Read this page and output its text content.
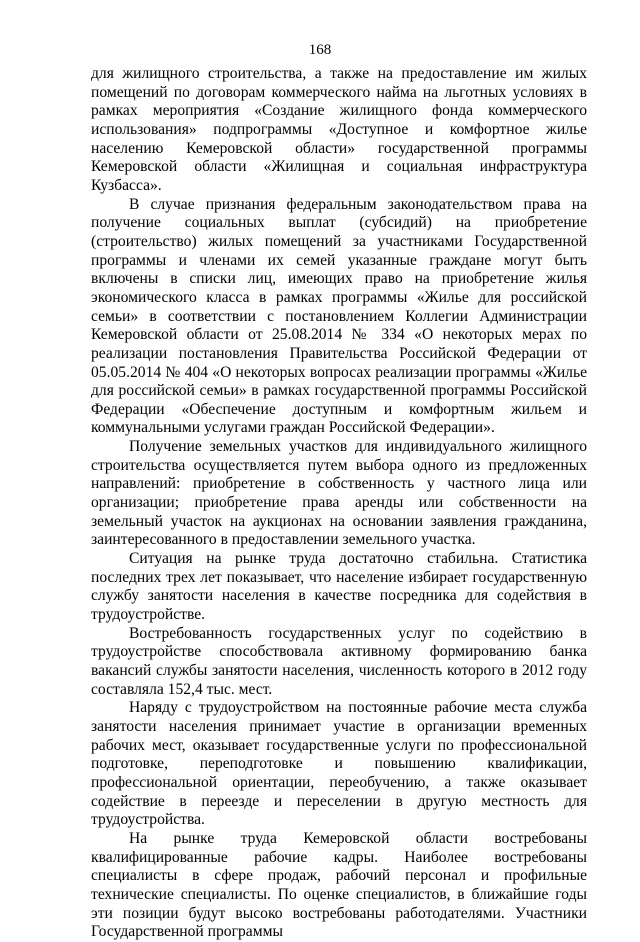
168

для жилищного строительства, а также на предоставление им жилых помещений по договорам коммерческого найма на льготных условиях в рамках мероприятия «Создание жилищного фонда коммерческого использования» подпрограммы «Доступное и комфортное жилье населению Кемеровской области» государственной программы Кемеровской области «Жилищная и социальная инфраструктура Кузбасса».

В случае признания федеральным законодательством права на получение социальных выплат (субсидий) на приобретение (строительство) жилых помещений за участниками Государственной программы и членами их семей указанные граждане могут быть включены в списки лиц, имеющих право на приобретение жилья экономического класса в рамках программы «Жилье для российской семьи» в соответствии с постановлением Коллегии Администрации Кемеровской области от 25.08.2014 № 334 «О некоторых мерах по реализации постановления Правительства Российской Федерации от 05.05.2014 № 404 «О некоторых вопросах реализации программы «Жилье для российской семьи» в рамках государственной программы Российской Федерации «Обеспечение доступным и комфортным жильем и коммунальными услугами граждан Российской Федерации».

Получение земельных участков для индивидуального жилищного строительства осуществляется путем выбора одного из предложенных направлений: приобретение в собственность у частного лица или организации; приобретение права аренды или собственности на земельный участок на аукционах на основании заявления гражданина, заинтересованного в предоставлении земельного участка.

Ситуация на рынке труда достаточно стабильна. Статистика последних трех лет показывает, что население избирает государственную службу занятости населения в качестве посредника для содействия в трудоустройстве.

Востребованность государственных услуг по содействию в трудоустройстве способствовала активному формированию банка вакансий службы занятости населения, численность которого в 2012 году составляла 152,4 тыс. мест.

Наряду с трудоустройством на постоянные рабочие места служба занятости населения принимает участие в организации временных рабочих мест, оказывает государственные услуги по профессиональной подготовке, переподготовке и повышению квалификации, профессиональной ориентации, переобучению, а также оказывает содействие в переезде и переселении в другую местность для трудоустройства.

На рынке труда Кемеровской области востребованы квалифицированные рабочие кадры. Наиболее востребованы специалисты в сфере продаж, рабочий персонал и профильные технические специалисты. По оценке специалистов, в ближайшие годы эти позиции будут высоко востребованы работодателями. Участники Государственной программы
